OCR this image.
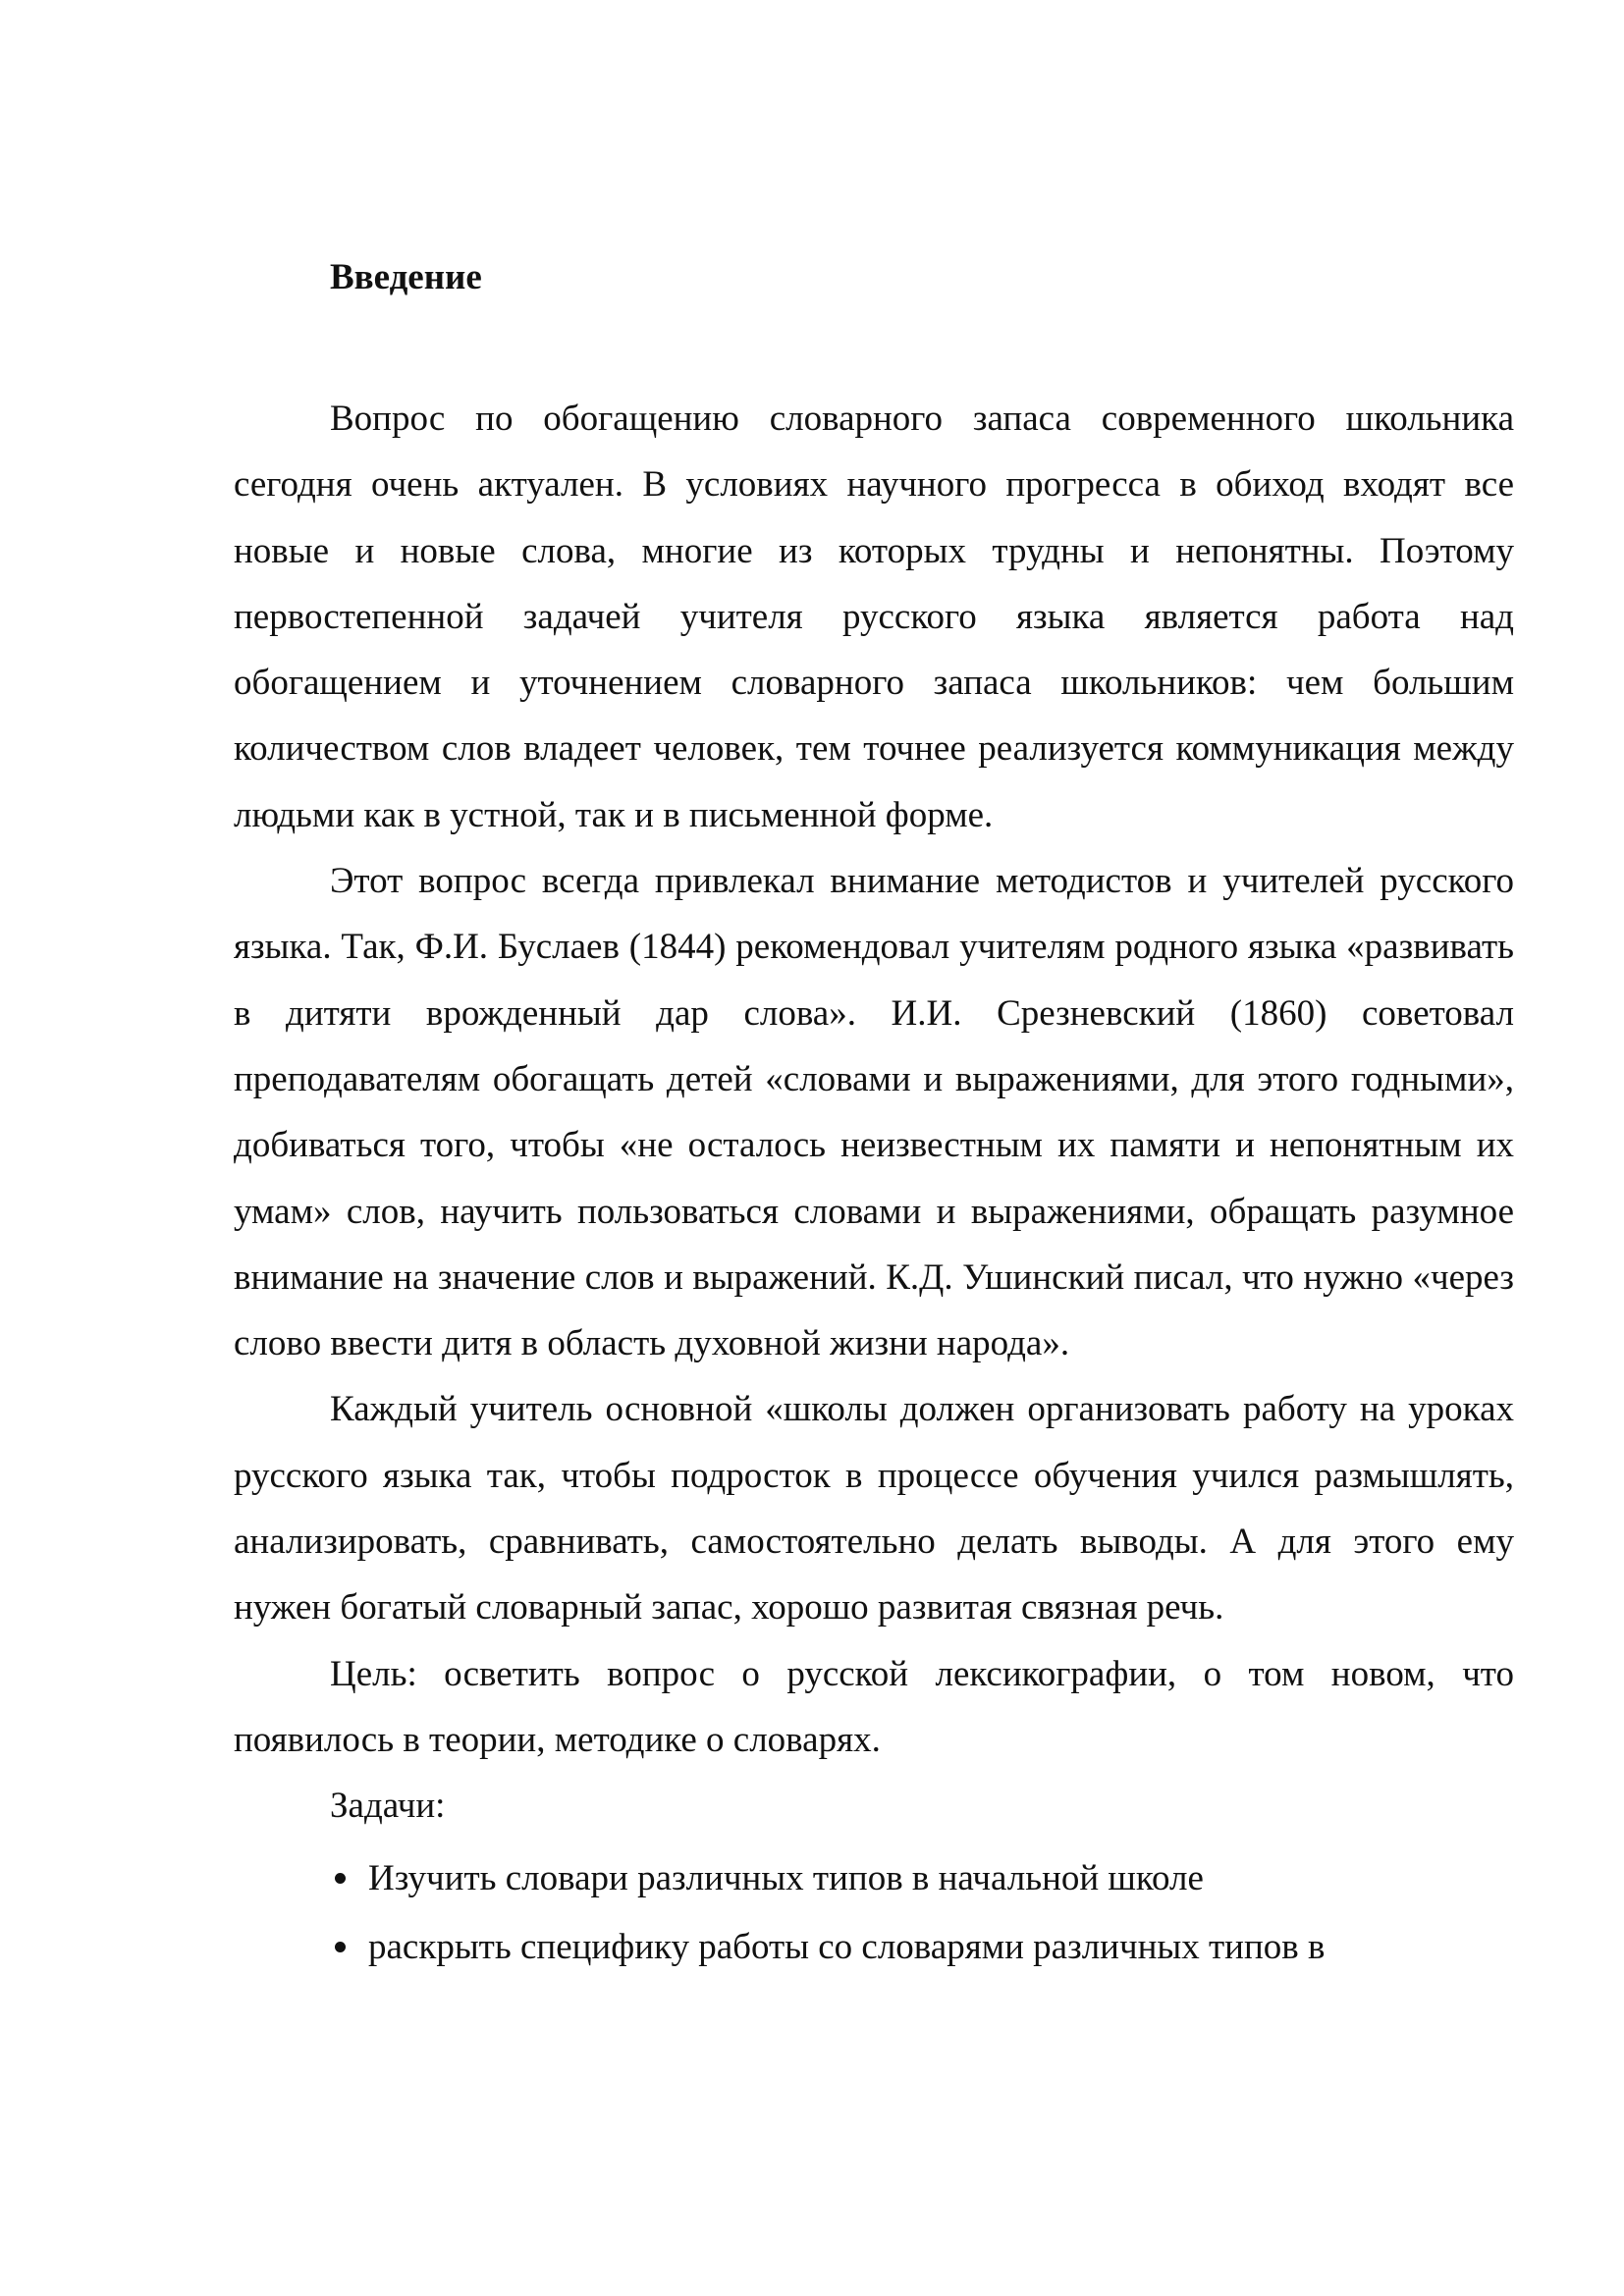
Введение

Вопрос по обогащению словарного запаса современного школьника сегодня очень актуален. В условиях научного прогресса в обиход входят все новые и новые слова, многие из которых трудны и непонятны. Поэтому первостепенной задачей учителя русского языка является работа над обогащением и уточнением словарного запаса школьников: чем большим количеством слов владеет человек, тем точнее реализуется коммуникация между людьми как в устной, так и в письменной форме.

Этот вопрос всегда привлекал внимание методистов и учителей русского языка. Так, Ф.И. Буслаев (1844) рекомендовал учителям родного языка «развивать в дитяти врожденный дар слова». И.И. Срезневский (1860) советовал преподавателям обогащать детей «словами и выражениями, для этого годными», добиваться того, чтобы «не осталось неизвестным их памяти и непонятным их умам» слов, научить пользоваться словами и выражениями, обращать разумное внимание на значение слов и выражений. К.Д. Ушинский писал, что нужно «через слово ввести дитя в область духовной жизни народа».

Каждый учитель основной «школы должен организовать работу на уроках русского языка так, чтобы подросток в процессе обучения учился размышлять, анализировать, сравнивать, самостоятельно делать выводы. А для этого ему нужен богатый словарный запас, хорошо развитая связная речь.

Цель: осветить вопрос о русской лексикографии, о том новом, что появилось в теории, методике о словарях.

Задачи:

Изучить словари различных типов в начальной школе
раскрыть специфику работы со словарями различных типов в
